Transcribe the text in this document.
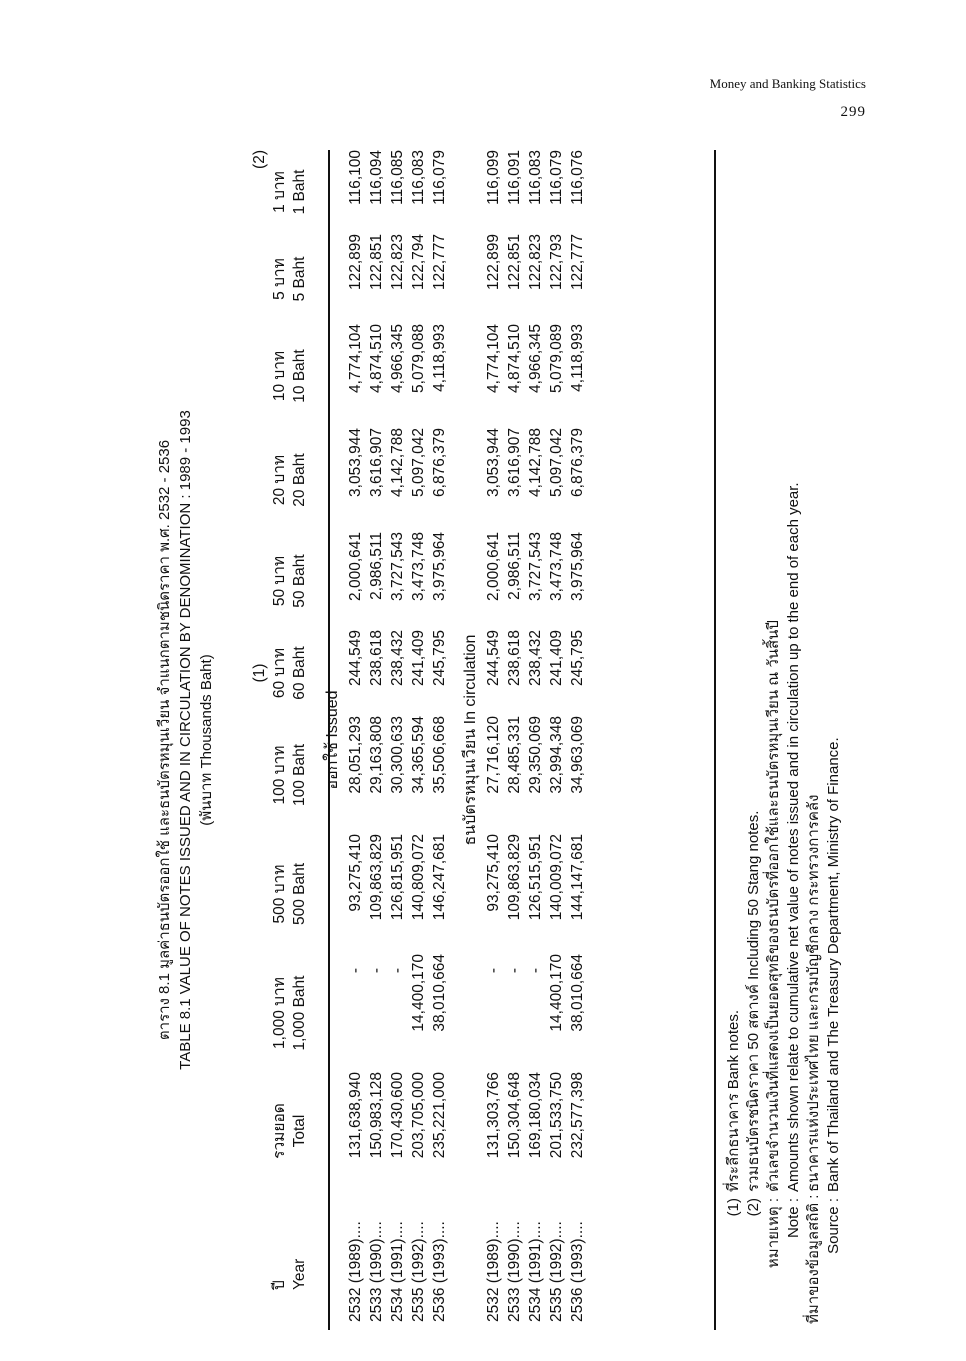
Money and Banking Statistics
299
ตาราง 8.1 มูลค่าธนบัตรออกใช้ และธนบัตรหมุนเวียน จำแนกตามชนิดราคา พ.ศ. 2532 - 2536 TABLE 8.1 VALUE OF NOTES ISSUED AND IN CIRCULATION BY DENOMINATION : 1989 - 1993 (พันบาท Thousands Baht)
					(1)					(2)
ปี	รวมยอด	1,000 บาท	500 บาท	100 บาท	60 บาท	50 บาท	20 บาท	10 บาท	5 บาท	1 บาท
Year	Total	1,000 Baht	500 Baht	100 Baht	60 Baht	50 Baht	20 Baht	10 Baht	5 Baht	1 Baht

ออกใช้ Issued										
2532 (1989)....	131,638,940	-	93,275,410	28,051,293	244,549	2,000,641	3,053,944	4,774,104	122,899	116,100
2533 (1990)....	150,983,128	-	109,863,829	29,163,808	238,618	2,986,511	3,616,907	4,874,510	122,851	116,094
2534 (1991)....	170,430,600	-	126,815,951	30,300,633	238,432	3,727,543	4,142,788	4,966,345	122,823	116,085
2535 (1992)....	203,705,000	14,400,170	140,809,072	34,365,594	241,409	3,473,748	5,097,042	5,079,088	122,794	116,083
2536 (1993)....	235,221,000	38,010,664	146,247,681	35,506,668	245,795	3,975,964	6,876,379	4,118,993	122,777	116,079

ธนบัตรหมุนเวียน In circulation										
2532 (1989)....	131,303,766	-	93,275,410	27,716,120	244,549	2,000,641	3,053,944	4,774,104	122,899	116,099
2533 (1990)....	150,304,648	-	109,863,829	28,485,331	238,618	2,986,511	3,616,907	4,874,510	122,851	116,091
2534 (1991)....	169,180,034	-	126,515,951	29,350,069	238,432	3,727,543	4,142,788	4,966,345	122,823	116,083
2535 (1992)....	201,533,750	14,400,170	140,009,072	32,994,348	241,409	3,473,748	5,097,042	5,079,089	122,793	116,079
2536 (1993)....	232,577,398	38,010,664	144,147,681	34,963,069	245,795	3,975,964	6,876,379	4,118,993	122,777	116,076
(1)ที่ระลึกธนาคาร Bank notes.
(2)รวมธนบัตรชนิดราคา 50 สตางค์ Including 50 Stang notes.
หมายเหตุ :ตัวเลขจำนวนเงินที่แสดงเป็นยอดสุทธิของธนบัตรที่ออกใช้และธนบัตรหมุนเวียน ณ วันสิ้นปี
Note :Amounts shown relate to cumulative net value of notes issued and in circulation up to the end of each year.
ที่มาของข้อมูลสถิติ :ธนาคารแห่งประเทศไทย และกรมบัญชีกลาง กระทรวงการคลัง
Source :Bank of Thailand and The Treasury Department, Ministry of Finance.
